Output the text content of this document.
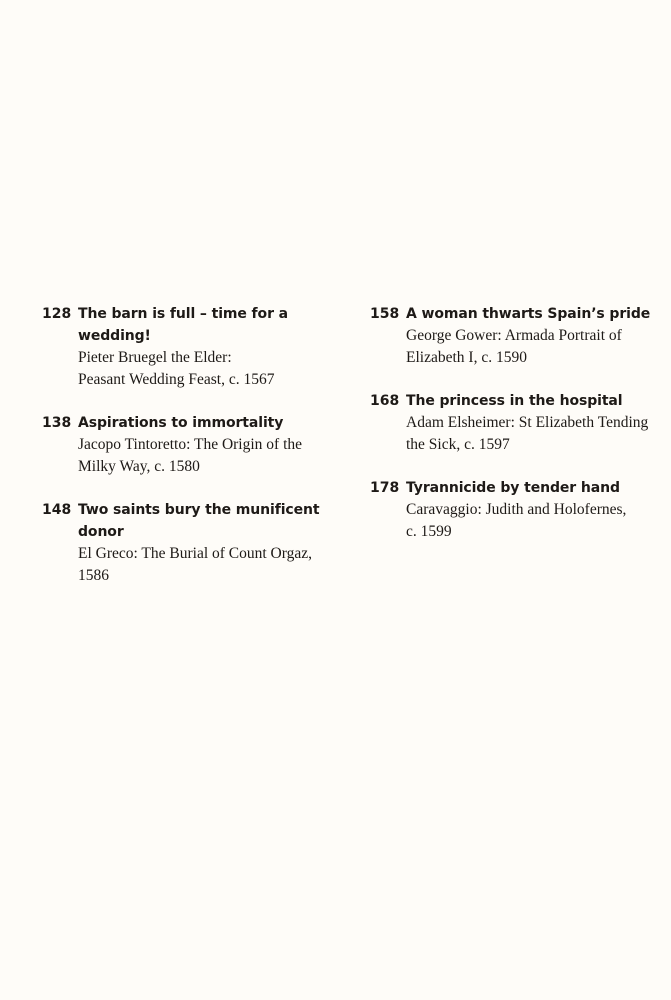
128 The barn is full – time for a
wedding!
Pieter Bruegel the Elder:
Peasant Wedding Feast, c. 1567
138 Aspirations to immortality
Jacopo Tintoretto: The Origin of the
Milky Way, c. 1580
148 Two saints bury the munificent
donor
El Greco: The Burial of Count Orgaz,
1586
158 A woman thwarts Spain’s pride
George Gower: Armada Portrait of
Elizabeth I, c. 1590
168 The princess in the hospital
Adam Elsheimer: St Elizabeth Tending
the Sick, c. 1597
178 Tyrannicide by tender hand
Caravaggio: Judith and Holofernes,
c. 1599
